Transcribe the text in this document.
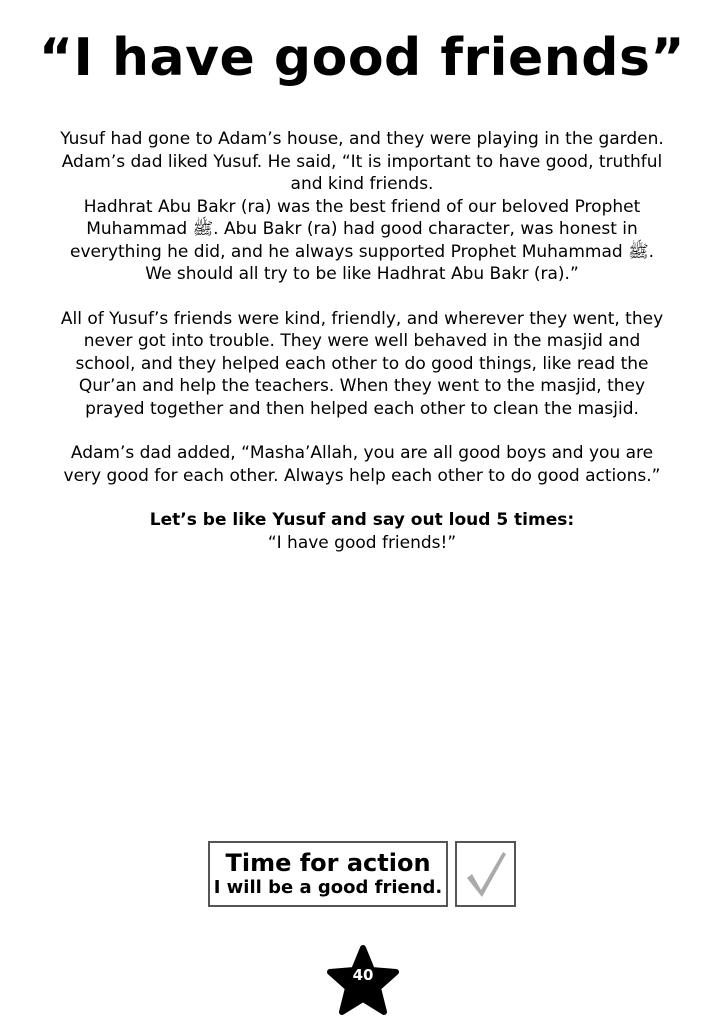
“I have good friends”

Yusuf had gone to Adam’s house, and they were playing in the garden.
Adam’s dad liked Yusuf. He said, “It is important to have good, truthful
and kind friends.
Hadhrat Abu Bakr (ra) was the best friend of our beloved Prophet
Muhammad ﷺ. Abu Bakr (ra) had good character, was honest in
everything he did, and he always supported Prophet Muhammad ﷺ.
We should all try to be like Hadhrat Abu Bakr (ra).”

All of Yusuf’s friends were kind, friendly, and wherever they went, they
never got into trouble. They were well behaved in the masjid and
school, and they helped each other to do good things, like read the
Qur’an and help the teachers. When they went to the masjid, they
prayed together and then helped each other to clean the masjid.

Adam’s dad added, “Masha’Allah, you are all good boys and you are
very good for each other. Always help each other to do good actions.”

Let’s be like Yusuf and say out loud 5 times:
“I have good friends!”

Time for action
I will be a good friend.
40
